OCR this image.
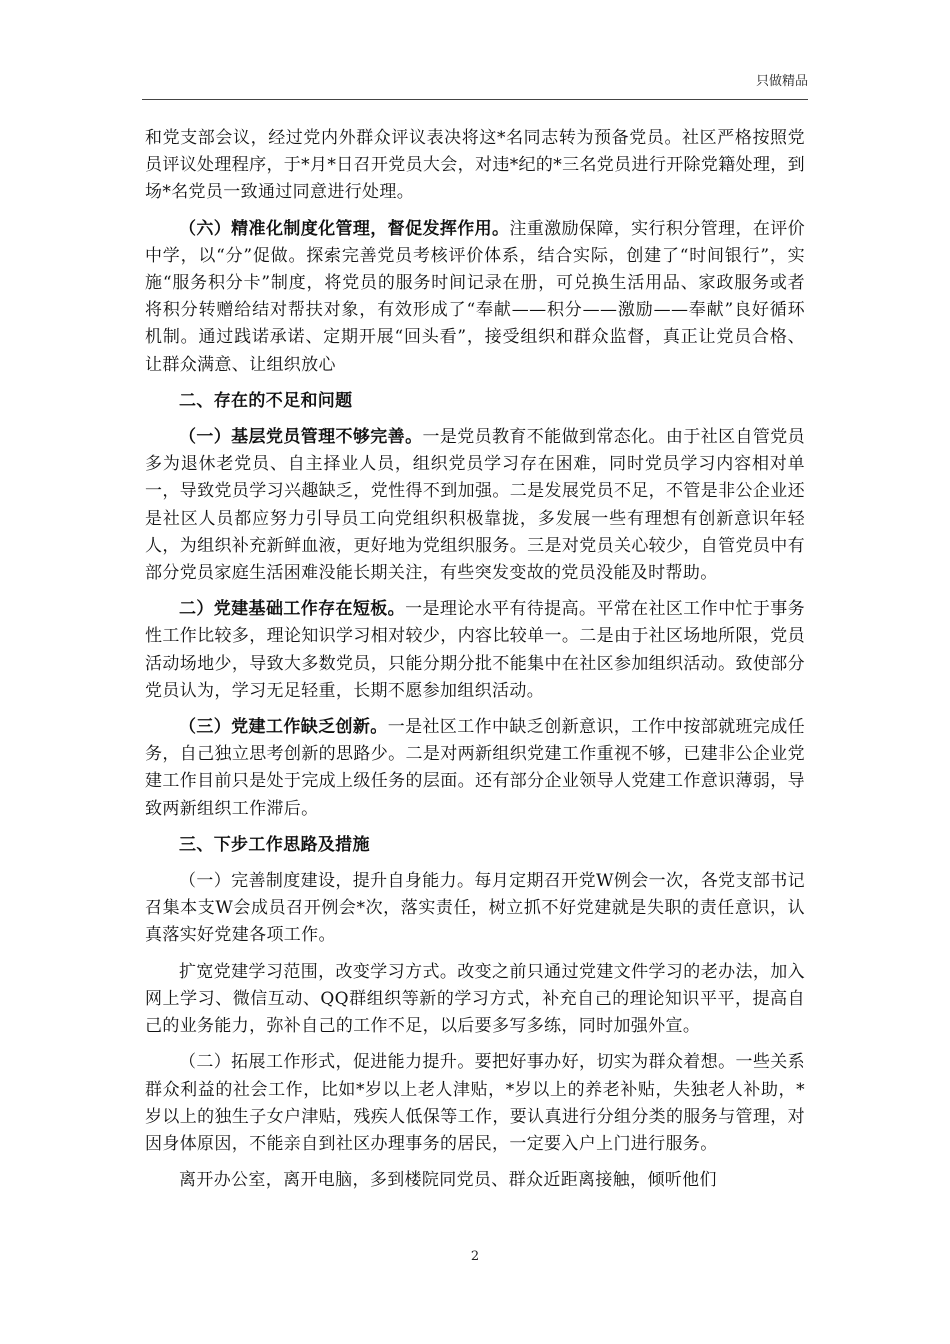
只做精品

和党支部会议，经过党内外群众评议表决将这*名同志转为预备党员。社区严格按照党员评议处理程序，于*月*日召开党员大会，对违*纪的*三名党员进行开除党籍处理，到场*名党员一致通过同意进行处理。

（六）精准化制度化管理，督促发挥作用。注重激励保障，实行积分管理，在评价中学，以“分”促做。探索完善党员考核评价体系，结合实际，创建了“时间银行”，实施“服务积分卡”制度，将党员的服务时间记录在册，可兑换生活用品、家政服务或者将积分转赠给结对帮扶对象，有效形成了“奉献——积分——激励——奉献”良好循环机制。通过践诺承诺、定期开展“回头看”，接受组织和群众监督，真正让党员合格、让群众满意、让组织放心

二、存在的不足和问题

（一）基层党员管理不够完善。一是党员教育不能做到常态化。由于社区自管党员多为退休老党员、自主择业人员，组织党员学习存在困难，同时党员学习内容相对单一，导致党员学习兴趣缺乏，党性得不到加强。二是发展党员不足，不管是非公企业还是社区人员都应努力引导员工向党组织积极靠拢，多发展一些有理想有创新意识年轻人，为组织补充新鲜血液，更好地为党组织服务。三是对党员关心较少，自管党员中有部分党员家庭生活困难没能长期关注，有些突发变故的党员没能及时帮助。

二）党建基础工作存在短板。一是理论水平有待提高。平常在社区工作中忙于事务性工作比较多，理论知识学习相对较少，内容比较单一。二是由于社区场地所限，党员活动场地少，导致大多数党员，只能分期分批不能集中在社区参加组织活动。致使部分党员认为，学习无足轻重，长期不愿参加组织活动。

（三）党建工作缺乏创新。一是社区工作中缺乏创新意识，工作中按部就班完成任务，自己独立思考创新的思路少。二是对两新组织党建工作重视不够，已建非公企业党建工作目前只是处于完成上级任务的层面。还有部分企业领导人党建工作意识薄弱，导致两新组织工作滞后。

三、下步工作思路及措施

（一）完善制度建设，提升自身能力。每月定期召开党W例会一次，各党支部书记召集本支W会成员召开例会*次，落实责任，树立抓不好党建就是失职的责任意识，认真落实好党建各项工作。

扩宽党建学习范围，改变学习方式。改变之前只通过党建文件学习的老办法，加入网上学习、微信互动、QQ群组织等新的学习方式，补充自己的理论知识平平，提高自己的业务能力，弥补自己的工作不足，以后要多写多练，同时加强外宣。

（二）拓展工作形式，促进能力提升。要把好事办好，切实为群众着想。一些关系群众利益的社会工作，比如*岁以上老人津贴，*岁以上的养老补贴，失独老人补助，*岁以上的独生子女户津贴，残疾人低保等工作，要认真进行分组分类的服务与管理，对因身体原因，不能亲自到社区办理事务的居民，一定要入户上门进行服务。

离开办公室，离开电脑，多到楼院同党员、群众近距离接触，倾听他们

2
